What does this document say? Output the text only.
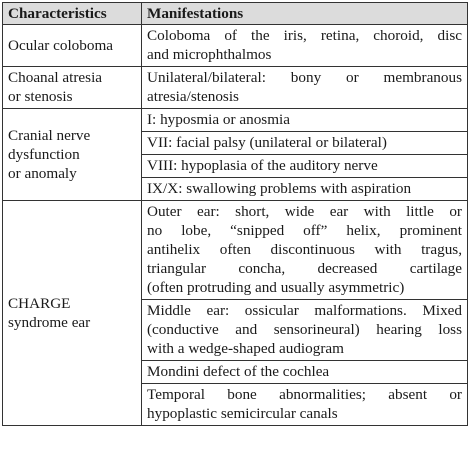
Characteristics	Manifestations

Ocular coloboma	Coloboma of the iris, retina, choroid, disc
and microphthalmos

Choanal atresia
or stenosis	Unilateral/bilateral: bony or membranous
atresia/stenosis

Cranial nerve
dysfunction
or anomaly	I: hyposmia or anosmia

	VII: facial palsy (unilateral or bilateral)

	VIII: hypoplasia of the auditory nerve

	IX/X: swallowing problems with aspiration

CHARGE
syndrome ear	Outer ear: short, wide ear with little or
no lobe, “snipped off” helix, prominent
antihelix often discontinuous with tragus,
triangular concha, decreased cartilage
(often protruding and usually asymmetric)

	Middle ear: ossicular malformations. Mixed
(conductive and sensorineural) hearing loss
with a wedge-shaped audiogram

	Mondini defect of the cochlea

	Temporal bone abnormalities; absent or
hypoplastic semicircular canals
